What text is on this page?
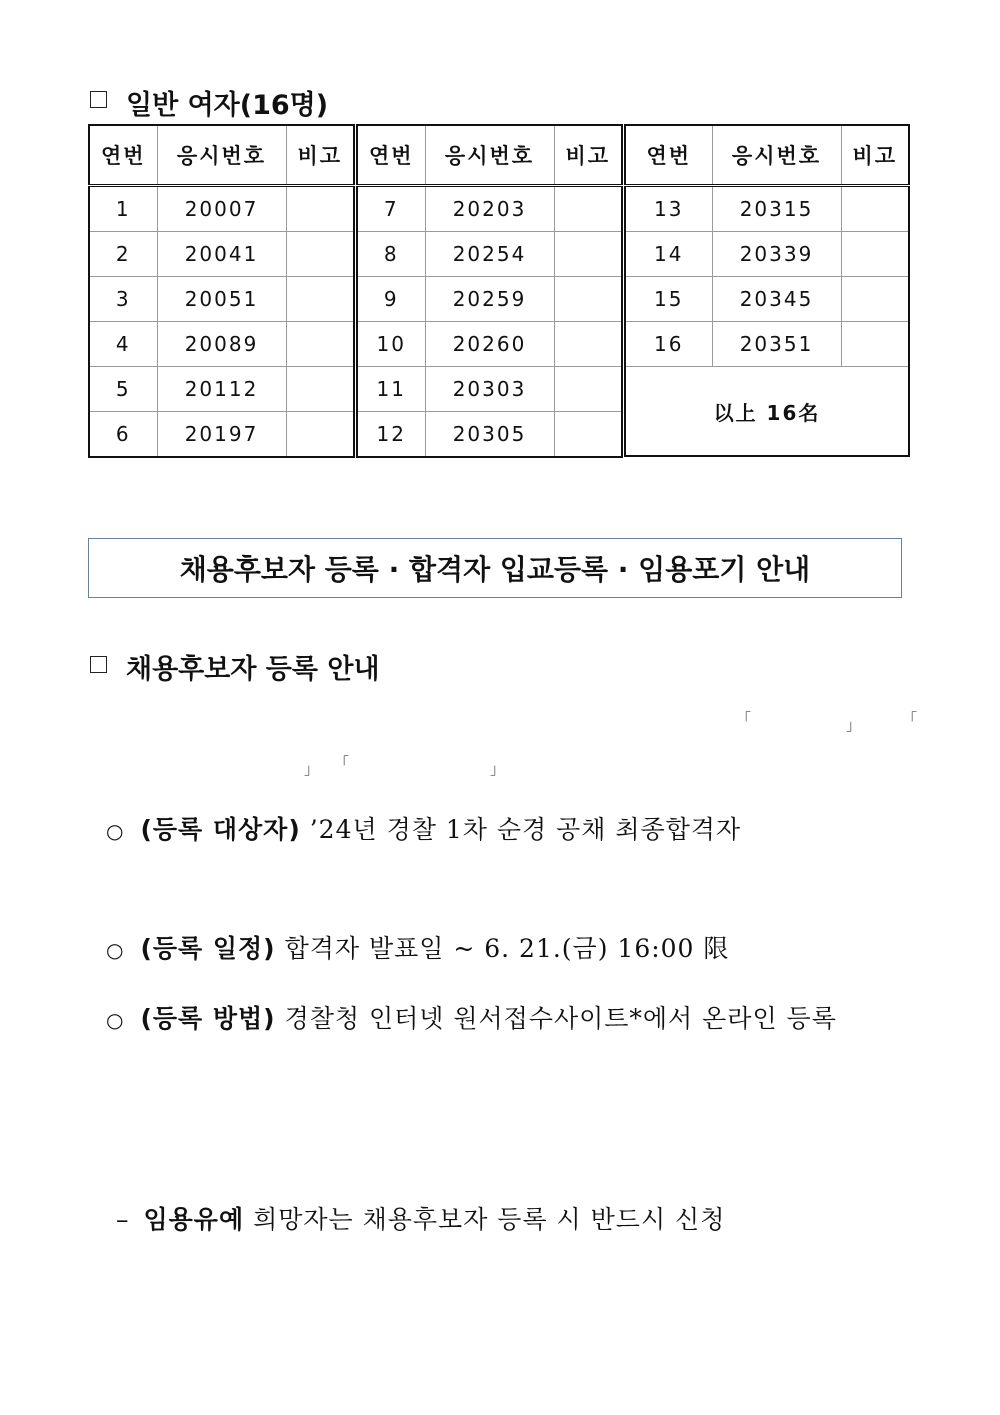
일반 여자(16명)
연번	응시번호	비고
1	20007	
2	20041	
3	20051	
4	20089	
5	20112	
6	20197	
연번	응시번호	비고
7	20203	
8	20254	
9	20259	
10	20260	
11	20303	
12	20305	
연번	응시번호	비고
13	20315	
14	20339	
15	20345	
16	20351	
以上 16名		

채용후보자 등록 · 합격자 입교등록 · 임용포기 안내
채용후보자 등록 안내
「	」	「
」 「	」
○ (등록 대상자) ’24년 경찰 1차 순경 공채 최종합격자
○ (등록 일정) 합격자 발표일 ~ 6. 21.(금) 16:00 限
○ (등록 방법) 경찰청 인터넷 원서접수사이트*에서 온라인 등록
– 임용유예 희망자는 채용후보자 등록 시 반드시 신청
